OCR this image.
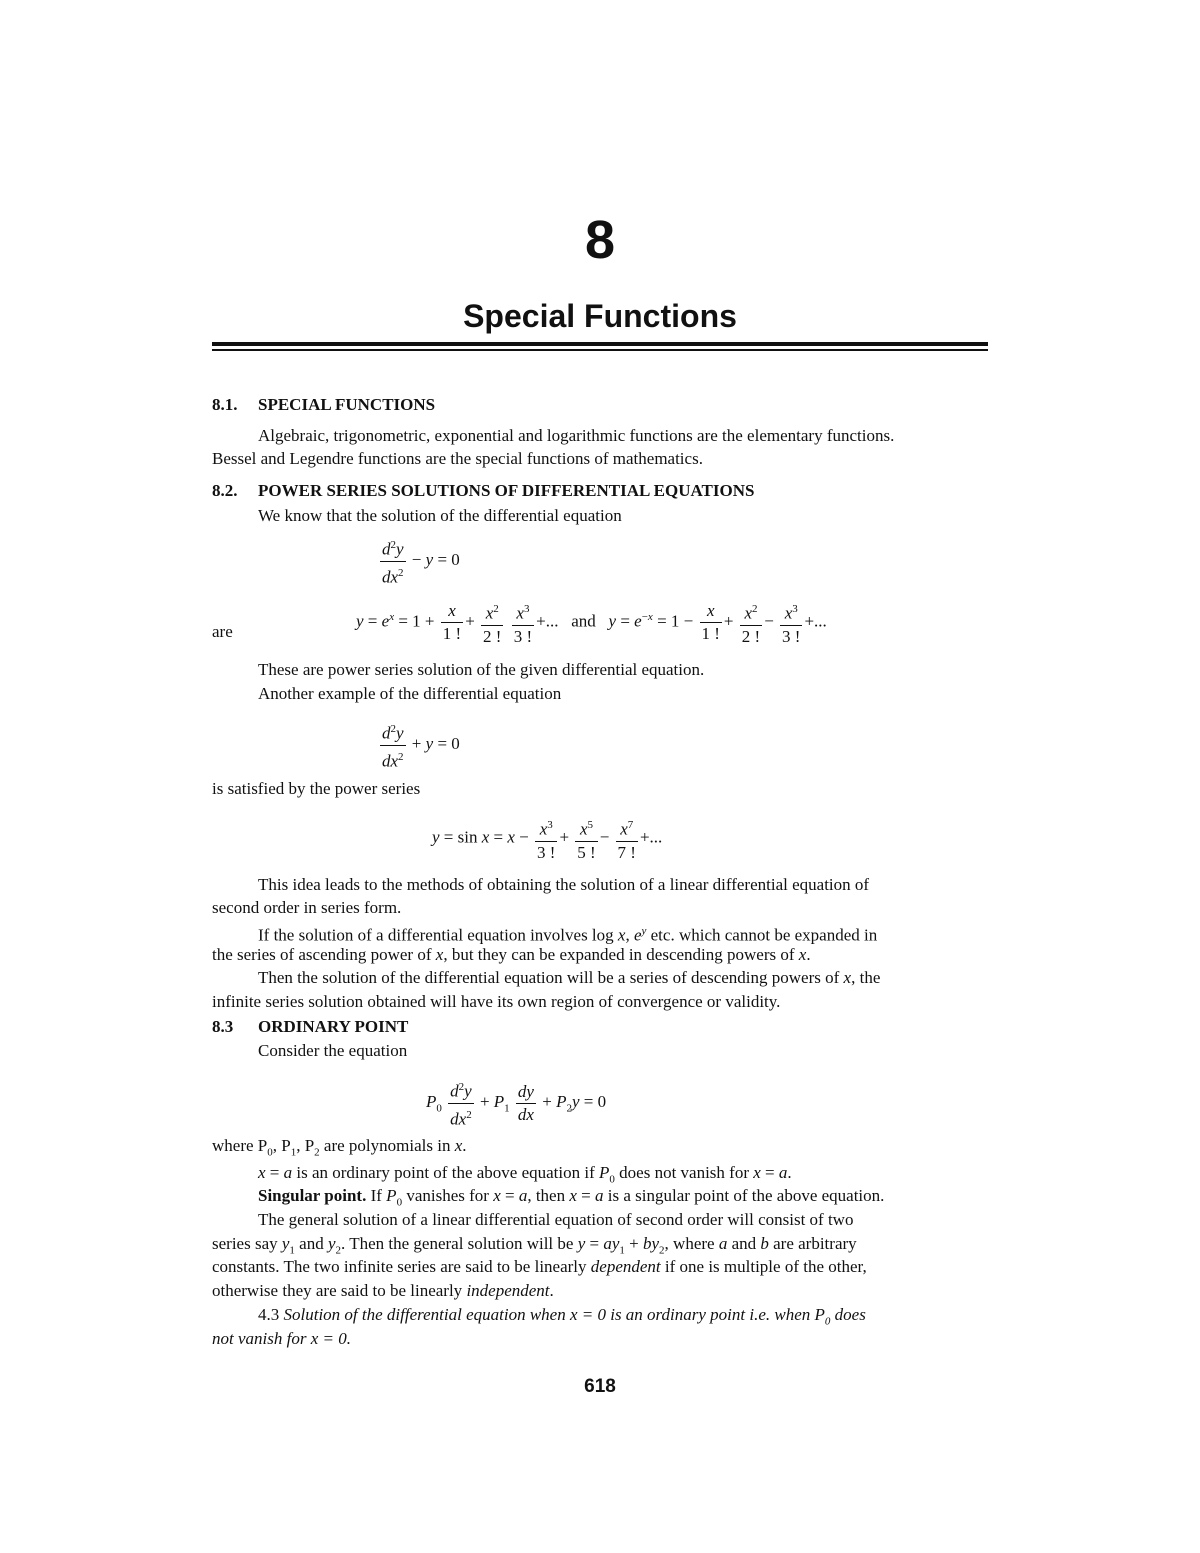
8
Special Functions
8.1. SPECIAL FUNCTIONS
Algebraic, trigonometric, exponential and logarithmic functions are the elementary functions.
Bessel and Legendre functions are the special functions of mathematics.
8.2. POWER SERIES SOLUTIONS OF DIFFERENTIAL EQUATIONS
We know that the solution of the differential equation
$\frac{d^2y}{dx^2} - y = 0$
are
$y = e^x = 1 + \frac{x}{1 !} + \frac{x^2}{2 !}$
$\frac{x^3}{3 !}$ +...   and $y = e^{-x} = 1 - \frac{x}{1 !} + \frac{x^2}{2 !} - \frac{x^3}{3 !}$ +...
These are power series solution of the given differential equation.
Another example of the differential equation
$\frac{d^2y}{dx^2} + y = 0$
is satisfied by the power series
$y = \sin x = x - \frac{x^3}{3 !} + \frac{x^5}{5 !} - \frac{x^7}{7 !}$ +...
This idea leads to the methods of obtaining the solution of a linear differential equation of
second order in series form.
If the solution of a differential equation involves log x, $e^y$ etc. which cannot be expanded in
the series of ascending power of x, but they can be expanded in descending powers of x.
Then the solution of the differential equation will be a series of descending powers of x, the
infinite series solution obtained will have its own region of convergence or validity.
8.3 ORDINARY POINT
Consider the equation
$P_0 \frac{d^2y}{dx^2} + P_1 \frac{dy}{dx} + P_2y = 0$
where $P_0$, $P_1$, $P_2$ are polynomials in x.
x = a is an ordinary point of the above equation if $P_0$ does not vanish for x = a.
Singular point. If $P_0$ vanishes for x = a, then x = a is a singular point of the above equation.
The general solution of a linear differential equation of second order will consist of two
series say $y_1$ and $y_2$. Then the general solution will be $y = ay_1 + by_2$, where a and b are arbitrary
constants. The two infinite series are said to be linearly dependent if one is multiple of the other,
otherwise they are said to be linearly independent.
4.3 Solution of the differential equation when x = 0 is an ordinary point i.e. when $P_0$ does
not vanish for x = 0.
618
